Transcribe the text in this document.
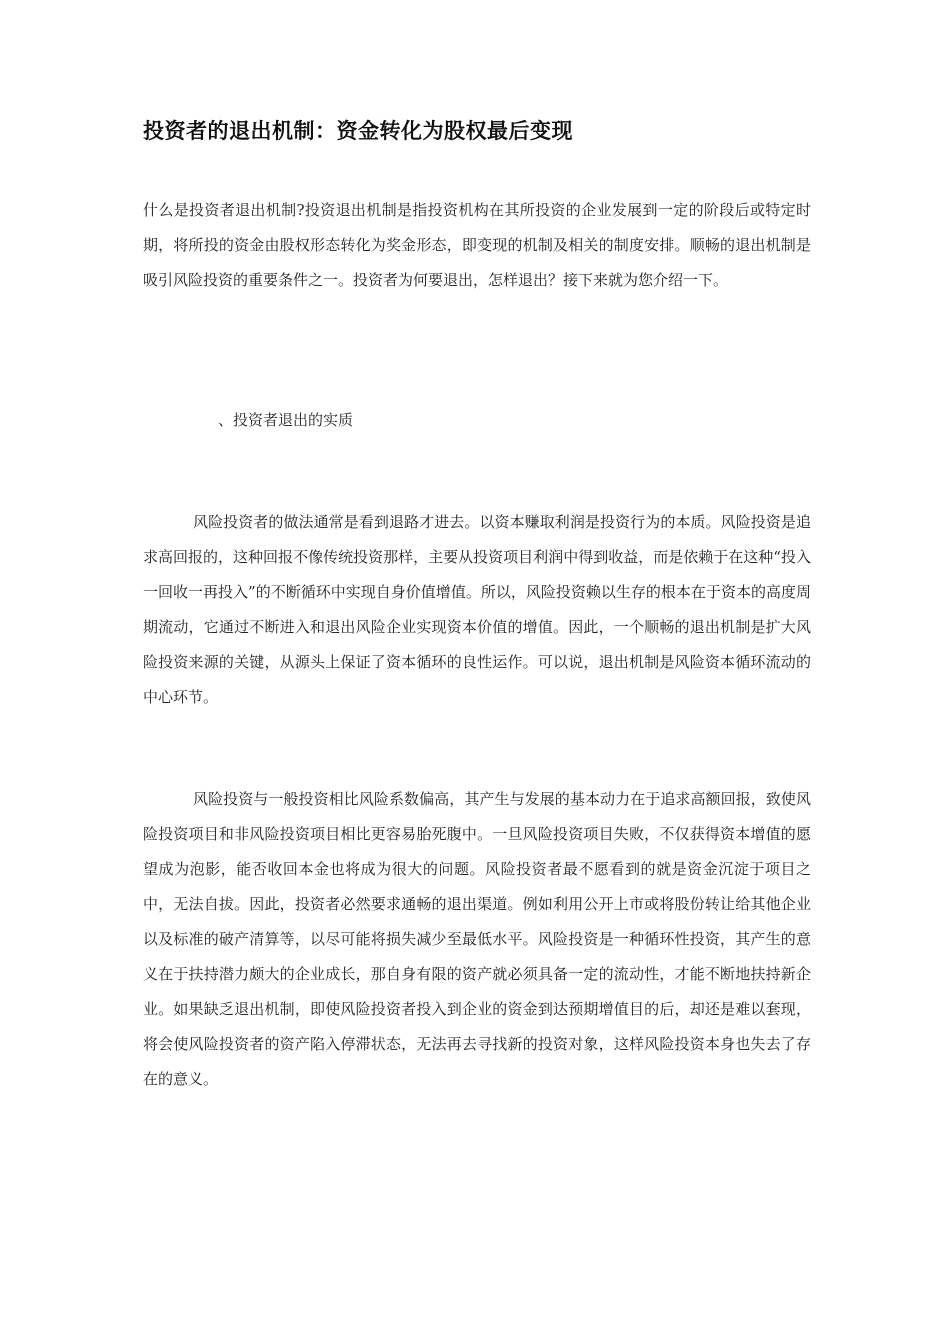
投资者的退出机制：资金转化为股权最后变现

什么是投资者退出机制?投资退出机制是指投资机构在其所投资的企业发展到一定的阶段后或特定时期，将所投的资金由股权形态转化为奖金形态，即变现的机制及相关的制度安排。顺畅的退出机制是吸引风险投资的重要条件之一。投资者为何要退出，怎样退出？接下来就为您介绍一下。

、投资者退出的实质

风险投资者的做法通常是看到退路才进去。以资本赚取利润是投资行为的本质。风险投资是追求高回报的，这种回报不像传统投资那样，主要从投资项目利润中得到收益，而是依赖于在这种“投入一回收一再投入”的不断循环中实现自身价值增值。所以，风险投资赖以生存的根本在于资本的高度周期流动，它通过不断进入和退出风险企业实现资本价值的增值。因此，一个顺畅的退出机制是扩大风险投资来源的关键，从源头上保证了资本循环的良性运作。可以说，退出机制是风险资本循环流动的中心环节。

风险投资与一般投资相比风险系数偏高，其产生与发展的基本动力在于追求高额回报，致使风险投资项目和非风险投资项目相比更容易胎死腹中。一旦风险投资项目失败，不仅获得资本增值的愿望成为泡影，能否收回本金也将成为很大的问题。风险投资者最不愿看到的就是资金沉淀于项目之中，无法自拔。因此，投资者必然要求通畅的退出渠道。例如利用公开上市或将股份转让给其他企业以及标准的破产清算等，以尽可能将损失减少至最低水平。风险投资是一种循环性投资，其产生的意义在于扶持潜力颇大的企业成长，那自身有限的资产就必须具备一定的流动性，才能不断地扶持新企业。如果缺乏退出机制，即使风险投资者投入到企业的资金到达预期增值目的后，却还是难以套现，将会使风险投资者的资产陷入停滞状态，无法再去寻找新的投资对象，这样风险投资本身也失去了存在的意义。
